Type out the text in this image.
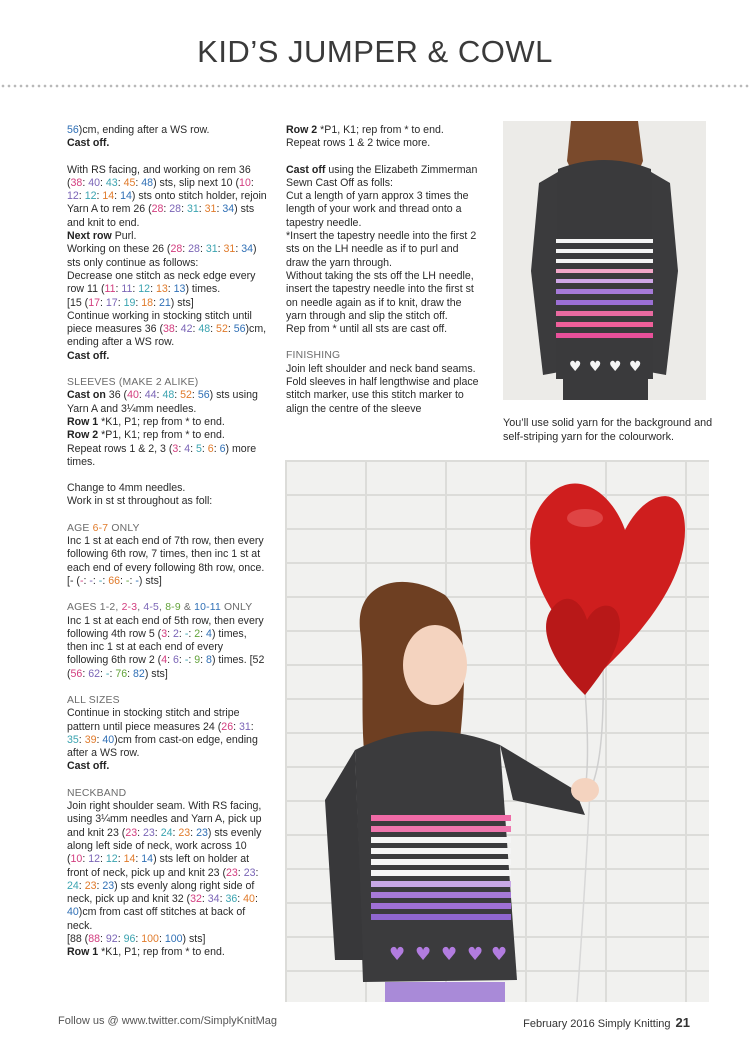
KID’S JUMPER & COWL

56)cm, ending after a WS row.

Cast off.

With RS facing, and working on rem 36 (38: 40: 43: 45: 48) sts, slip next 10 (10: 12: 12: 14: 14) sts onto stitch holder, rejoin Yarn A to rem 26 (28: 28: 31: 31: 34) sts and knit to end.
Next row Purl.
Working on these 26 (28: 28: 31: 31: 34) sts only continue as follows:
Decrease one stitch as neck edge every row 11 (11: 11: 12: 13: 13) times.
[15 (17: 17: 19: 18: 21) sts]
Continue working in stocking stitch until piece measures 36 (38: 42: 48: 52: 56)cm, ending after a WS row.
Cast off.

SLEEVES (MAKE 2 ALIKE)
Cast on 36 (40: 44: 48: 52: 56) sts using Yarn A and 3¼mm needles.
Row 1 *K1, P1; rep from * to end.
Row 2 *P1, K1; rep from * to end.
Repeat rows 1 & 2, 3 (3: 4: 5: 6: 6) more times.

Change to 4mm needles.
Work in st st throughout as foll:

AGE 6-7 ONLY
Inc 1 st at each end of 7th row, then every following 6th row, 7 times, then inc 1 st at each end of every following 8th row, once. [- (-: -: -: 66: -: -) sts]

AGES 1-2, 2-3, 4-5, 8-9 & 10-11 ONLY
Inc 1 st at each end of 5th row, then every following 4th row 5 (3: 2: -: 2: 4) times, then inc 1 st at each end of every following 6th row 2 (4: 6: -: 9: 8) times. [52 (56: 62: -: 76: 82) sts]

ALL SIZES
Continue in stocking stitch and stripe pattern until piece measures 24 (26: 31: 35: 39: 40)cm from cast-on edge, ending after a WS row.
Cast off.

NECKBAND
Join right shoulder seam. With RS facing, using 3¼mm needles and Yarn A, pick up and knit 23 (23: 23: 24: 23: 23) sts evenly along left side of neck, work across 10 (10: 12: 12: 14: 14) sts left on holder at front of neck, pick up and knit 23 (23: 23: 24: 23: 23) sts evenly along right side of neck, pick up and knit 32 (32: 34: 36: 40: 40)cm from cast off stitches at back of neck.
[88 (88: 92: 96: 100: 100) sts]
Row 1 *K1, P1; rep from * to end.

Row 2 *P1, K1; rep from * to end.
Repeat rows 1 & 2 twice more.

Cast off using the Elizabeth Zimmerman Sewn Cast Off as folls:
Cut a length of yarn approx 3 times the length of your work and thread onto a tapestry needle.
*Insert the tapestry needle into the first 2 sts on the LH needle as if to purl and draw the yarn through.
Without taking the sts off the LH needle, insert the tapestry needle into the first st on needle again as if to knit, draw the yarn through and slip the stitch off.
Rep from * until all sts are cast off.

FINISHING
Join left shoulder and neck band seams. Fold sleeves in half lengthwise and place stitch marker, use this stitch marker to align the centre of the sleeve

♥ ♥ ♥ ♥
You’ll use solid yarn for the background and self-striping yarn for the colourwork.
♥ ♥ ♥ ♥ ♥
Follow us @ www.twitter.com/SimplyKnitMag	February 2016 Simply Knitting 21
